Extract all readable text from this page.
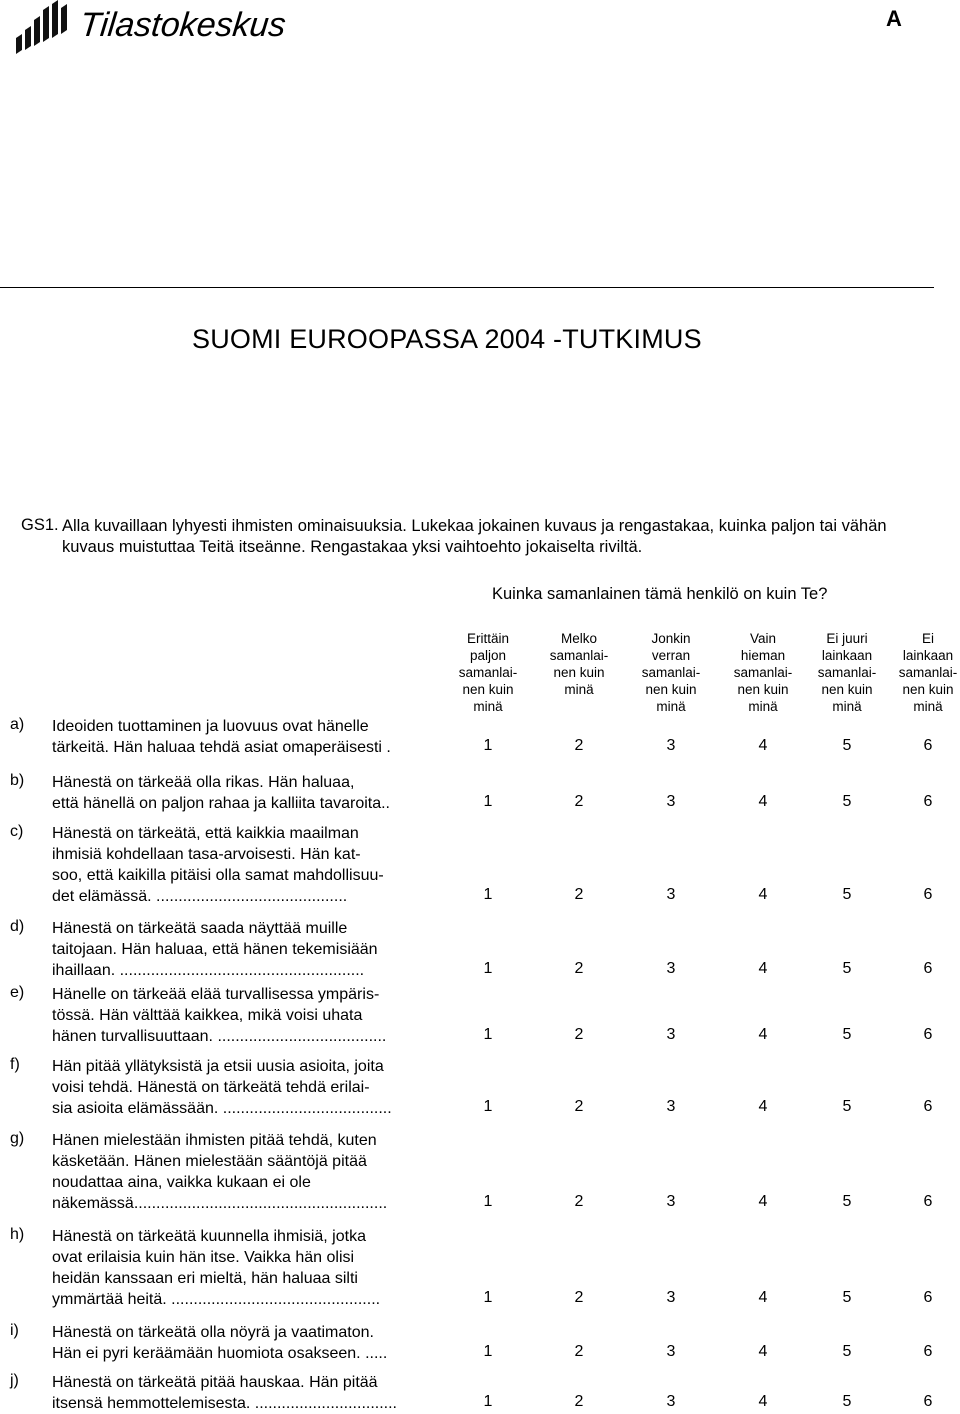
Tilastokeskus	A
SUOMI EUROOPASSA 2004 -TUTKIMUS
GS1. Alla kuvaillaan lyhyesti ihmisten ominaisuuksia. Lukekaa jokainen kuvaus ja rengastakaa, kuinka paljon tai vähän kuvaus muistuttaa Teitä itseänne. Rengastakaa yksi vaihtoehto jokaiselta riviltä.
Kuinka samanlainen tämä henkilö on kuin Te?
Erittäin
paljon
samanlai-
nen kuin
minä
Melko
samanlai-
nen kuin
minä
Jonkin
verran
samanlai-
nen kuin
minä
Vain
hieman
samanlai-
nen kuin
minä
Ei juuri
lainkaan
samanlai-
nen kuin
minä
Ei
lainkaan
samanlai-
nen kuin
minä
a) Ideoiden tuottaminen ja luovuus ovat hänelle
tärkeitä. Hän haluaa tehdä asiat omaperäisesti .	1	2	3	4	5	6
b) Hänestä on tärkeää olla rikas. Hän haluaa,
että hänellä on paljon rahaa ja kalliita tavaroita..	1	2	3	4	5	6
c) Hänestä on tärkeätä, että kaikkia maailman
ihmisiä kohdellaan tasa-arvoisesti. Hän kat-
soo, että kaikilla pitäisi olla samat mahdollisuu-
det elämässä. ...........................................	1	2	3	4	5	6
d) Hänestä on tärkeätä saada näyttää muille
taitojaan. Hän haluaa, että hänen tekemisiään
ihaillaan. .......................................................	1	2	3	4	5	6
e) Hänelle on tärkeää elää turvallisessa ympäris-
tössä. Hän välttää kaikkea, mikä voisi uhata
hänen turvallisuuttaan. ......................................	1	2	3	4	5	6
f) Hän pitää yllätyksistä ja etsii uusia asioita, joita
voisi tehdä. Hänestä on tärkeätä tehdä erilai-
sia asioita elämässään. ......................................	1	2	3	4	5	6
g) Hänen mielestään ihmisten pitää tehdä, kuten
käsketään. Hänen mielestään sääntöjä pitää
noudattaa aina, vaikka kukaan ei ole
näkemässä.........................................................	1	2	3	4	5	6
h) Hänestä on tärkeätä kuunnella ihmisiä, jotka
ovat erilaisia kuin hän itse. Vaikka hän olisi
heidän kanssaan eri mieltä, hän haluaa silti
ymmärtää heitä. ...............................................	1	2	3	4	5	6
i) Hänestä on tärkeätä olla nöyrä ja vaatimaton.
Hän ei pyri keräämään huomiota osakseen. .....	1	2	3	4	5	6
j) Hänestä on tärkeätä pitää hauskaa. Hän pitää
itsensä hemmottelemisesta. ................................	1	2	3	4	5	6
